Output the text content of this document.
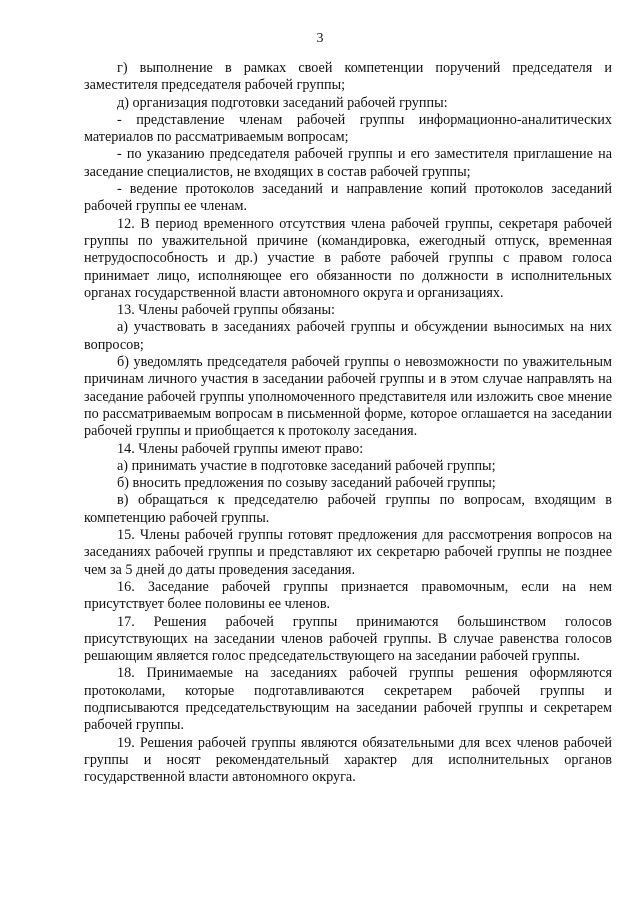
3

г) выполнение в рамках своей компетенции поручений председателя и заместителя председателя рабочей группы;

д) организация подготовки заседаний рабочей группы:

- представление членам рабочей группы информационно-аналитических материалов по рассматриваемым вопросам;

- по указанию председателя рабочей группы и его заместителя приглашение на заседание специалистов, не входящих в состав рабочей группы;

- ведение протоколов заседаний и направление копий протоколов заседаний рабочей группы ее членам.

12. В период временного отсутствия члена рабочей группы, секретаря рабочей группы по уважительной причине (командировка, ежегодный отпуск, временная нетрудоспособность и др.) участие в работе рабочей группы с правом голоса принимает лицо, исполняющее его обязанности по должности в исполнительных органах государственной власти автономного округа и организациях.

13. Члены рабочей группы обязаны:

а) участвовать в заседаниях рабочей группы и обсуждении выносимых на них вопросов;

б) уведомлять председателя рабочей группы о невозможности по уважительным причинам личного участия в заседании рабочей группы и в этом случае направлять на заседание рабочей группы уполномоченного представителя или изложить свое мнение по рассматриваемым вопросам в письменной форме, которое оглашается на заседании рабочей группы и приобщается к протоколу заседания.

14. Члены рабочей группы имеют право:

а) принимать участие в подготовке заседаний рабочей группы;

б) вносить предложения по созыву заседаний рабочей группы;

в) обращаться к председателю рабочей группы по вопросам, входящим в компетенцию рабочей группы.

15. Члены рабочей группы готовят предложения для рассмотрения вопросов на заседаниях рабочей группы и представляют их секретарю рабочей группы не позднее чем за 5 дней до даты проведения заседания.

16. Заседание рабочей группы признается правомочным, если на нем присутствует более половины ее членов.

17. Решения рабочей группы принимаются большинством голосов присутствующих на заседании членов рабочей группы. В случае равенства голосов решающим является голос председательствующего на заседании рабочей группы.

18. Принимаемые на заседаниях рабочей группы решения оформляются протоколами, которые подготавливаются секретарем рабочей группы и подписываются председательствующим на заседании рабочей группы и секретарем рабочей группы.

19. Решения рабочей группы являются обязательными для всех членов рабочей группы и носят рекомендательный характер для исполнительных органов государственной власти автономного округа.
